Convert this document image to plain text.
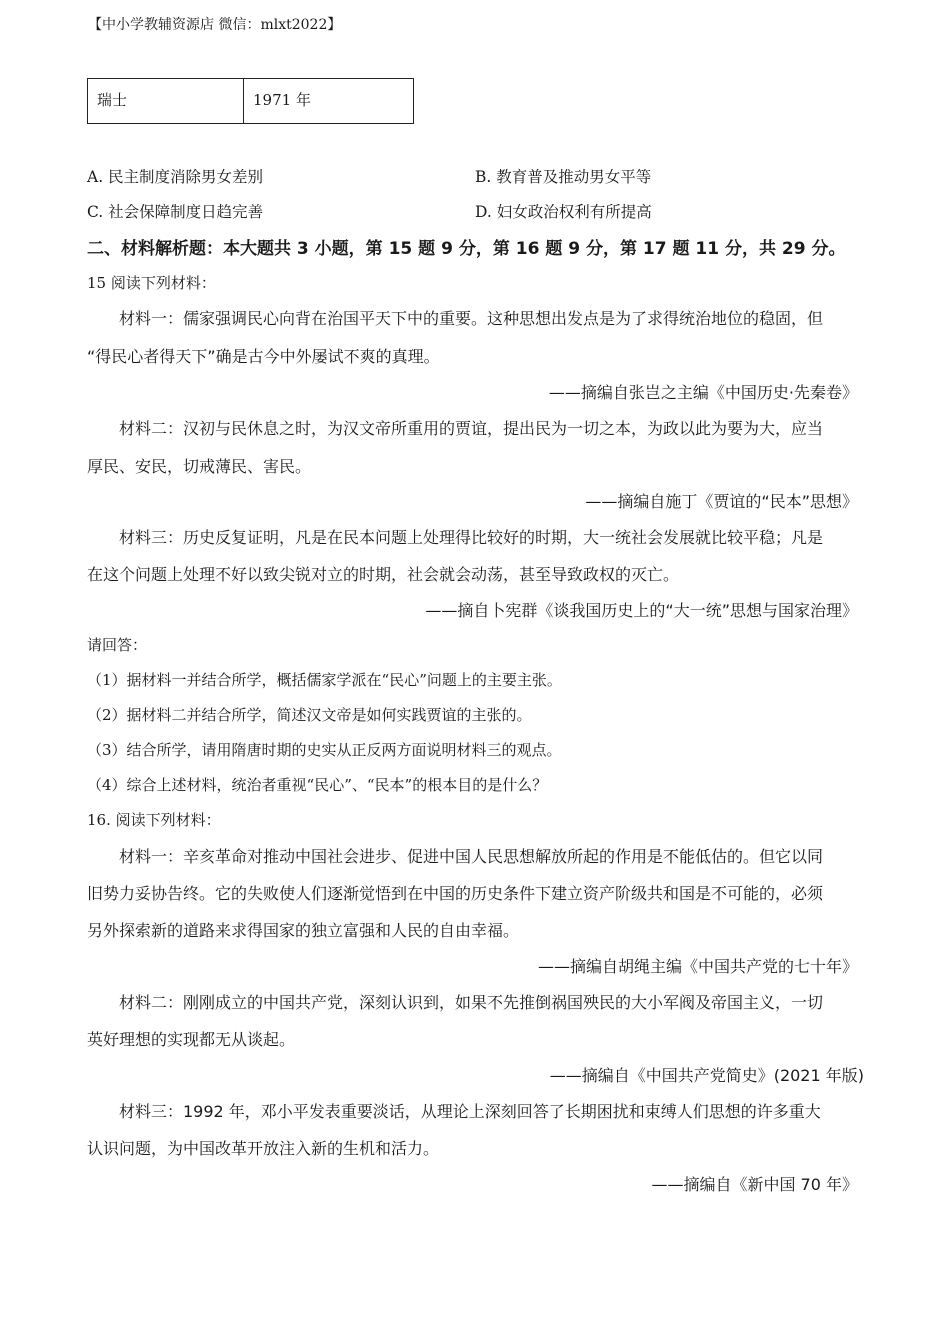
【中小学教辅资源店 微信：mlxt2022】
瑞士	1971 年
A. 民主制度消除男女差别	B. 教育普及推动男女平等
C. 社会保障制度日趋完善	D. 妇女政治权利有所提高
二、材料解析题：本大题共 3 小题，第 15 题 9 分，第 16 题 9 分，第 17 题 11 分，共 29 分。
15 阅读下列材料：
材料一：儒家强调民心向背在治国平天下中的重要。这种思想出发点是为了求得统治地位的稳固，但
“得民心者得天下”确是古今中外屡试不爽的真理。
——摘编自张岂之主编《中国历史·先秦卷》
材料二：汉初与民休息之时，为汉文帝所重用的贾谊，提出民为一切之本，为政以此为要为大，应当
厚民、安民，切戒薄民、害民。
——摘编自施丁《贾谊的“民本”思想》
材料三：历史反复证明，凡是在民本问题上处理得比较好的时期，大一统社会发展就比较平稳；凡是
在这个问题上处理不好以致尖锐对立的时期，社会就会动荡，甚至导致政权的灭亡。
——摘自卜宪群《谈我国历史上的“大一统”思想与国家治理》
请回答：
（1）据材料一并结合所学，概括儒家学派在“民心”问题上的主要主张。
（2）据材料二并结合所学，简述汉文帝是如何实践贾谊的主张的。
（3）结合所学，请用隋唐时期的史实从正反两方面说明材料三的观点。
（4）综合上述材料，统治者重视“民心”、“民本”的根本目的是什么？
16. 阅读下列材料：
材料一：辛亥革命对推动中国社会进步、促进中国人民思想解放所起的作用是不能低估的。但它以同
旧势力妥协告终。它的失败使人们逐渐觉悟到在中国的历史条件下建立资产阶级共和国是不可能的，必须
另外探索新的道路来求得国家的独立富强和人民的自由幸福。
——摘编自胡绳主编《中国共产党的七十年》
材料二：刚刚成立的中国共产党，深刻认识到，如果不先推倒祸国殃民的大小军阀及帝国主义，一切
英好理想的实现都无从谈起。
——摘编自《中国共产党简史》(2021 年版)
材料三：1992 年，邓小平发表重要淡话，从理论上深刻回答了长期困扰和束缚人们思想的许多重大
认识问题，为中国改革开放注入新的生机和活力。
——摘编自《新中国 70 年》
